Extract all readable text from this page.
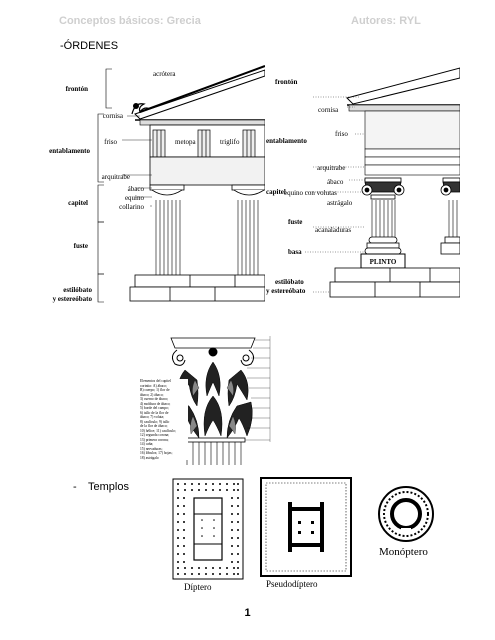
Conceptos básicos: Grecia	Autores: RYL
-ÓRDENES
frontón
acrótera
cornisa
friso	metopa	triglifo
entablamento
arquitrabe
ábaco
equino
collarino
capitel
fuste
estilóbato
y estereóbato
PLINTO
frontón
cornisa
friso
entablamento
arquitrabe
ábaco
equino con volutas
astrágalo
capitel
fuste
acanaladuras
basa
estilóbato
y estereóbato
Elementos del capitel
corintio: A) ábaco;
B) cuerpo; 1) flor de
ábaco; 2) ábaco;
3) cuerno de ábaco;
4) moldura de ábaco;
5) borde del campo;
6) tallo de la flor de
ábaco; 7) voluta;
8) caulículo; 9) tallo
de la flor de ábaco;
10) hélice; 11) caulículo;
12) segunda corona;
13) primera corona;
14) caña;
15) nervaduras;
16) lóbulos; 17) hojas;
18) astrágalo
- Templos
Díptero	Pseudodíptero
Monóptero
1
